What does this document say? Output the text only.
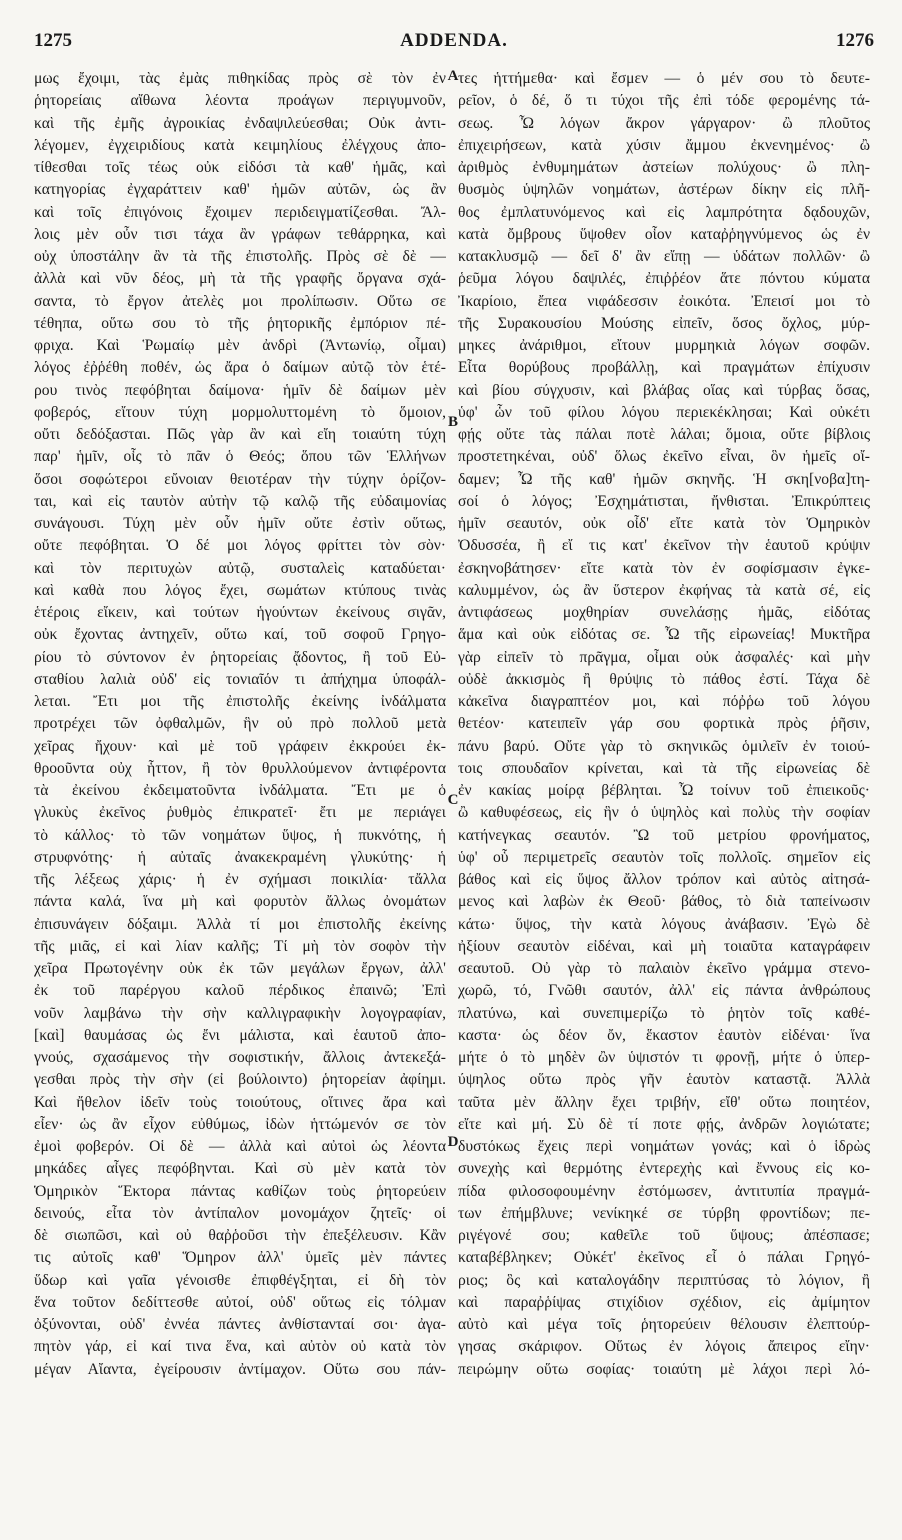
1275	ADDENDA.	1276
μως ἔχοιμι, τὰς ἐμὰς πιθηκίδας πρὸς σὲ τὸν ἐν
ῥητορείαις αἴθωνα λέοντα προάγων περιγυμνοῦν,
καὶ τῆς ἐμῆς ἀγροικίας ἐνδαψιλεύεσθαι; Οὐκ ἀντι-
λέγομεν, ἐγχειριδίους κατὰ κειμηλίους ἐλέγχους ἀπο-
τίθεσθαι τοῖς τέως οὐκ εἰδόσι τὰ καθ' ἡμᾶς, καὶ
κατηγορίας ἐγχαράττειν καθ' ἡμῶν αὐτῶν, ὡς ἂν
καὶ τοῖς ἐπιγόνοις ἔχοιμεν περιδειγματίζεσθαι. Ἄλ-
λοις μὲν οὖν τισι τάχα ἂν γράφων τεθάρρηκα, καὶ
οὐχ ὑποστάλην ἂν τὰ τῆς ἐπιστολῆς. Πρὸς σὲ δὲ —
ἀλλὰ καὶ νῦν δέος, μὴ τὰ τῆς γραφῆς ὄργανα σχά-
σαντα, τὸ ἔργον ἀτελὲς μοι προλίπωσιν. Οὕτω σε
τέθηπα, οὕτω σου τὸ τῆς ῥητορικῆς ἐμπόριον πέ-
φριχα. Καὶ Ῥωμαίῳ μὲν ἀνδρὶ (Ἀντωνίῳ, οἶμαι)
λόγος ἐῤῥέθη ποθέν, ὡς ἄρα ὁ δαίμων αὐτῷ τὸν ἑτέ-
ρου τινὸς πεφόβηται δαίμονα· ἡμῖν δὲ δαίμων μὲν
φοβερός, εἴτουν τύχη μορμολυττομένη τὸ ὅμοιον,
οὔτι δεδόξασται. Πῶς γὰρ ἂν καὶ εἴη τοιαύτη τύχη
παρ' ἡμῖν, οἷς τὸ πᾶν ὁ Θεός; ὅπου τῶν Ἑλλήνων
ὅσοι σοφώτεροι εὔνοιαν θειοτέραν τὴν τύχην ὁρίζον-
ται, καὶ εἰς ταυτὸν αὐτὴν τῷ καλῷ τῆς εὐδαιμονίας
συνάγουσι. Τύχη μὲν οὖν ἡμῖν οὔτε ἐστὶν οὕτως,
οὔτε πεφόβηται. Ὁ δέ μοι λόγος φρίττει τὸν σὸν·
καὶ τὸν περιτυχὼν αὐτῷ, συσταλεὶς καταδύεται·
καὶ καθὰ που λόγος ἔχει, σωμάτων κτύπους τινὰς
ἑτέροις εἴκειν, καὶ τούτων ἡγούντων ἐκείνους σιγᾶν,
οὐκ ἔχοντας ἀντηχεῖν, οὕτω καί, τοῦ σοφοῦ Γρηγο-
ρίου τὸ σύντονον ἐν ῥητορείαις ᾄδοντος, ἢ τοῦ Εὐ-
σταθίου λαλιὰ οὐδ' εἰς τονιαῖόν τι ἀπήχημα ὑποφάλ-
λεται. Ἔτι μοι τῆς ἐπιστολῆς ἐκείνης ἰνδάλματα
προτρέχει τῶν ὀφθαλμῶν, ἣν οὐ πρὸ πολλοῦ μετὰ
χεῖρας ἤχουν· καὶ μὲ τοῦ γράφειν ἐκκρούει ἐκ-
θροοῦντα οὐχ ἧττον, ἢ τὸν θρυλλούμενον ἀντιφέροντα
τὰ ἐκείνου ἐκδειματοῦντα ἰνδάλματα. Ἔτι με ὁ
γλυκὺς ἐκεῖνος ῥυθμὸς ἐπικρατεῖ· ἔτι με περιάγει
τὸ κάλλος· τὸ τῶν νοημάτων ὕψος, ἡ πυκνότης, ἡ
στρυφνότης· ἡ αὐταῖς ἀνακεκραμένη γλυκύτης· ἡ
τῆς λέξεως χάρις· ἡ ἐν σχήμασι ποικιλία· τἄλλα
πάντα καλά, ἵνα μὴ καὶ φορυτὸν ἄλλως ὀνομάτων
ἐπισυνάγειν δόξαιμι. Ἀλλὰ τί μοι ἐπιστολῆς ἐκείνης
τῆς μιᾶς, εἰ καὶ λίαν καλῆς; Τί μὴ τὸν σοφὸν τὴν
χεῖρα Πρωτογένην οὐκ ἐκ τῶν μεγάλων ἔργων, ἀλλ'
ἐκ τοῦ παρέργου καλοῦ πέρδικος ἐπαινῶ; Ἐπὶ
νοῦν λαμβάνω τὴν σὴν καλλιγραφικὴν λογογραφίαν,
[καὶ] θαυμάσας ὡς ἔνι μάλιστα, καὶ ἑαυτοῦ ἀπο-
γνούς, σχασάμενος τὴν σοφιστικήν, ἄλλοις ἀντεκεξά-
γεσθαι πρὸς τὴν σὴν (εἰ βούλοιντο) ῥητορείαν ἀφίημι.
Καὶ ἤθελον ἰδεῖν τοὺς τοιούτους, οἵτινες ἄρα καὶ
εἶεν· ὡς ἂν εἶχον εὐθύμως, ἰδὼν ἡττώμενόν σε τὸν
ἐμοὶ φοβερόν. Οἱ δὲ — ἀλλὰ καὶ αὐτοὶ ὡς λέοντα
μηκάδες αἶγες πεφόβηνται. Καὶ σὺ μὲν κατὰ τὸν
Ὁμηρικὸν Ἕκτορα πάντας καθίζων τοὺς ῥητορεύειν
δεινούς, εἶτα τὸν ἀντίπαλον μονομάχον ζητεῖς· οἱ
δὲ σιωπῶσι, καὶ οὐ θαῤῥοῦσι τὴν ἐπεξέλευσιν. Κἂν
τις αὐτοῖς καθ' Ὅμηρον ἀλλ' ὑμεῖς μὲν πάντες
ὕδωρ καὶ γαῖα γένοισθε ἐπιφθέγξηται, εἰ δὴ τὸν
ἕνα τοῦτον δεδίττεσθε αὐτοί, οὐδ' οὕτως εἰς τόλμαν
ὀξύνονται, οὐδ' ἐννέα πάντες ἀνθίστανταί σοι· ἀγα-
πητὸν γάρ, εἰ καί τινα ἕνα, καὶ αὐτὸν οὐ κατὰ τὸν
μέγαν Αἴαντα, ἐγείρουσιν ἀντίμαχον. Οὕτω σου πάν-
τες ἡττήμεθα· καὶ ἔσμεν — ὁ μέν σου τὸ δευτε-
ρεῖον, ὁ δέ, ὅ τι τύχοι τῆς ἐπὶ τόδε φερομένης τά-
σεως. Ὦ λόγων ἄκρον γάργαρον· ὢ πλοῦτος
ἐπιχειρήσεων, κατὰ χύσιν ἄμμου ἐκνενημένος· ὢ
ἀριθμὸς ἐνθυμημάτων ἀστείων πολύχους· ὢ πλη-
θυσμὸς ὑψηλῶν νοημάτων, ἀστέρων δίκην εἰς πλῆ-
θος ἐμπλατυνόμενος καὶ εἰς λαμπρότητα δᾳδουχῶν,
κατὰ ὄμβρους ὕψοθεν οἷον καταῤῥηγνύμενος ὡς ἐν
κατακλυσμῷ — δεῖ δ' ἂν εἴπῃ — ὑδάτων πολλῶν· ὢ
ῥεῦμα λόγου δαψιλές, ἐπιῤῥέον ἅτε πόντου κύματα
Ἰκαρίοιο, ἔπεα νιφάδεσσιν ἐοικότα. Ἐπεισί μοι τὸ
τῆς Συρακουσίου Μούσης εἰπεῖν, ὅσος ὄχλος, μύρ-
μηκες ἀνάριθμοι, εἴτουν μυρμηκιὰ λόγων σοφῶν.
Εἶτα θορύβους προβάλλῃ, καὶ πραγμάτων ἐπίχυσιν
καὶ βίου σύγχυσιν, καὶ βλάβας οἵας καὶ τύρβας ὅσας,
ὑφ' ὧν τοῦ φίλου λόγου περιεκέκλησαι; Καὶ οὐκέτι
φῄς οὔτε τὰς πάλαι ποτὲ λάλαι; ὅμοια, οὔτε βίβλοις
προστετηκέναι, οὐδ' ὅλως ἐκεῖνο εἶναι, ὃν ἡμεῖς οἴ-
δαμεν; Ὦ τῆς καθ' ἡμῶν σκηνῆς. Ἡ σκη[νοβα]τη-
σοί ὁ λόγος; Ἐσχημάτισται, ἤνθισται. Ἐπικρύπτεις
ἡμῖν σεαυτόν, οὐκ οἶδ' εἴτε κατὰ τὸν Ὁμηρικὸν
Ὀδυσσέα, ἢ εἴ τις κατ' ἐκεῖνον τὴν ἑαυτοῦ κρύψιν
ἐσκηνοβάτησεν· εἴτε κατὰ τὸν ἐν σοφίσμασιν ἐγκε-
καλυμμένον, ὡς ἂν ὕστερον ἐκφήνας τὰ κατὰ σέ, εἰς
ἀντιφάσεως μοχθηρίαν συνελάσῃς ἡμᾶς, εἰδότας
ἅμα καὶ οὐκ εἰδότας σε. Ὦ τῆς εἰρωνείας! Μυκτῆρα
γὰρ εἰπεῖν τὸ πρᾶγμα, οἶμαι οὐκ ἀσφαλές· καὶ μὴν
οὐδὲ ἀκκισμὸς ἢ θρύψις τὸ πάθος ἐστί. Τάχα δὲ
κἀκεῖνα διαγραπτέον μοι, καὶ πόῤῥω τοῦ λόγου
θετέον· κατειπεῖν γάρ σου φορτικὰ πρὸς ῥῆσιν,
πάνυ βαρύ. Οὔτε γὰρ τὸ σκηνικῶς ὁμιλεῖν ἐν τοιού-
τοις σπουδαῖον κρίνεται, καὶ τὰ τῆς εἰρωνείας δὲ
ἐν κακίας μοίρᾳ βέβληται. Ὦ τοίνυν τοῦ ἐπιεικοῦς·
ὢ καθυφέσεως, εἰς ἣν ὁ ὑψηλὸς καὶ πολὺς τὴν σοφίαν
κατήνεγκας σεαυτόν. Ὢ τοῦ μετρίου φρονήματος,
ὑφ' οὗ περιμετρεῖς σεαυτὸν τοῖς πολλοῖς. σημεῖον εἰς
βάθος καὶ εἰς ὕψος ἄλλον τρόπον καὶ αὐτὸς αἰτησά-
μενος καὶ λαβὼν ἐκ Θεοῦ· βάθος, τὸ διὰ ταπείνωσιν
κάτω· ὕψος, τὴν κατὰ λόγους ἀνάβασιν. Ἐγὼ δὲ
ἠξίουν σεαυτὸν εἰδέναι, καὶ μὴ τοιαῦτα καταγράφειν
σεαυτοῦ. Οὐ γὰρ τὸ παλαιὸν ἐκεῖνο γράμμα στενο-
χωρῶ, τό, Γνῶθι σαυτόν, ἀλλ' εἰς πάντα ἀνθρώπους
πλατύνω, καὶ συνεπιμερίζω τὸ ῥητὸν τοῖς καθέ-
καστα· ὡς δέον ὄν, ἕκαστον ἑαυτὸν εἰδέναι· ἵνα
μήτε ὁ τὸ μηδὲν ὢν ὑψιστόν τι φρονῇ, μήτε ὁ ὑπερ-
ύψηλος οὕτω πρὸς γῆν ἑαυτὸν καταστᾷ. Ἀλλὰ
ταῦτα μὲν ἄλλην ἔχει τριβήν, εἴθ' οὕτω ποιητέον,
εἴτε καὶ μή. Σὺ δὲ τί ποτε φῄς, ἀνδρῶν λογιώτατε;
δυστόκως ἔχεις περὶ νοημάτων γονάς; καὶ ὁ ἱδρὼς
συνεχὴς καὶ θερμότης ἐντερεχὴς καὶ ἔννους εἰς κο-
πίδα φιλοσοφουμένην ἐστόμωσεν, ἀντιτυπία πραγμά-
των ἐπήμβλυνε; νενίκηκέ σε τύρβη φροντίδων; πε-
ριγέγονέ σου; καθεῖλε τοῦ ὕψους; ἀπέσπασε;
καταβέβληκεν; Οὐκέτ' ἐκεῖνος εἶ ὁ πάλαι Γρηγό-
ριος; ὃς καὶ καταλογάδην περιπτύσας τὸ λόγιον, ἢ
καὶ παραῤῥίψας στιχίδιον σχέδιον, εἰς ἀμίμητον
αὐτὸ καὶ μέγα τοῖς ῥητορεύειν θέλουσιν ἐλεπτούρ-
γησας σκάριφον. Οὕτως ἐν λόγοις ἄπειρος εἴην·
πειρώμην οὕτω σοφίας· τοιαύτη μὲ λάχοι περὶ λό-
A
B
C
D
